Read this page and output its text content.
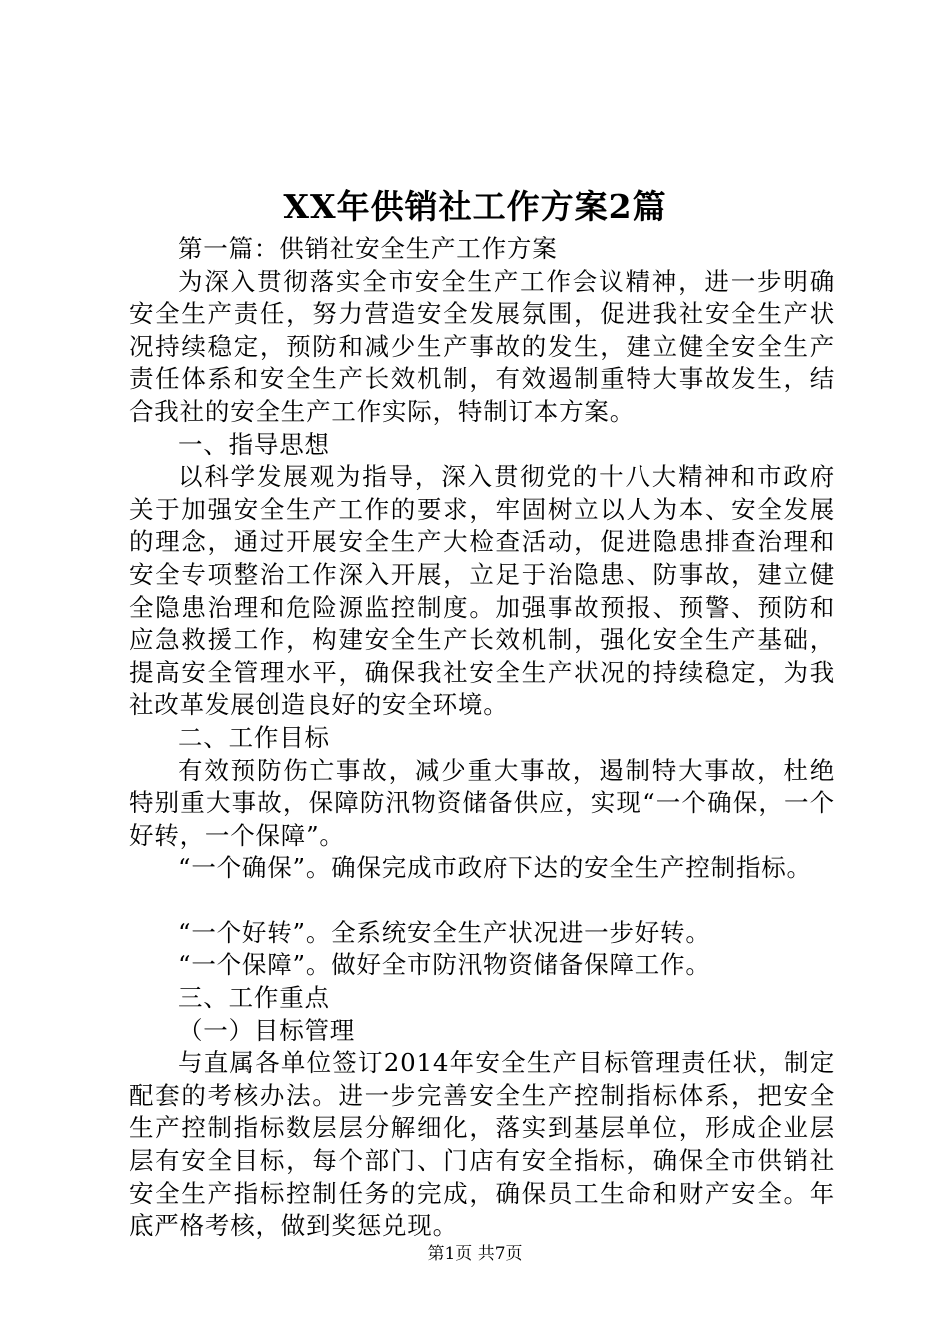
XX年供销社工作方案2篇

第一篇：供销社安全生产工作方案

为深入贯彻落实全市安全生产工作会议精神，进一步明确安全生产责任，努力营造安全发展氛围，促进我社安全生产状况持续稳定，预防和减少生产事故的发生，建立健全安全生产责任体系和安全生产长效机制，有效遏制重特大事故发生，结合我社的安全生产工作实际，特制订本方案。

一、指导思想

以科学发展观为指导，深入贯彻党的十八大精神和市政府关于加强安全生产工作的要求，牢固树立以人为本、安全发展的理念，通过开展安全生产大检查活动，促进隐患排查治理和安全专项整治工作深入开展，立足于治隐患、防事故，建立健全隐患治理和危险源监控制度。加强事故预报、预警、预防和应急救援工作，构建安全生产长效机制，强化安全生产基础，提高安全管理水平，确保我社安全生产状况的持续稳定，为我社改革发展创造良好的安全环境。

二、工作目标

有效预防伤亡事故，减少重大事故，遏制特大事故，杜绝特别重大事故，保障防汛物资储备供应，实现“一个确保，一个好转，一个保障”。

“一个确保”。确保完成市政府下达的安全生产控制指标。

“一个好转”。全系统安全生产状况进一步好转。

“一个保障”。做好全市防汛物资储备保障工作。

三、工作重点

（一）目标管理

与直属各单位签订2014年安全生产目标管理责任状，制定配套的考核办法。进一步完善安全生产控制指标体系，把安全生产控制指标数层层分解细化，落实到基层单位，形成企业层层有安全目标，每个部门、门店有安全指标，确保全市供销社安全生产指标控制任务的完成，确保员工生命和财产安全。年底严格考核，做到奖惩兑现。

第1页 共7页
